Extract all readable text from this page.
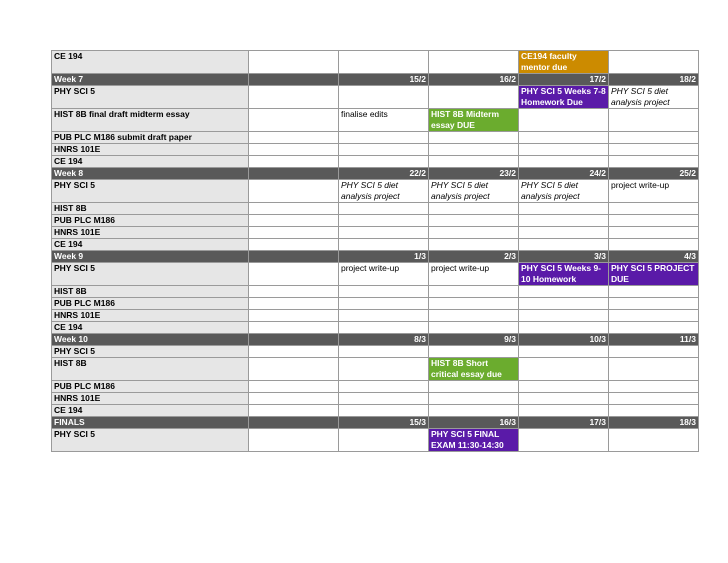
CE 194				CE194 faculty mentor due	
Week 7		15/2	16/2	17/2	18/2
PHY SCI 5				PHY SCI 5 Weeks 7-8 Homework Due	PHY SCI 5 diet analysis project
HIST 8B final draft midterm essay		finalise edits	HIST 8B Midterm essay DUE		
PUB PLC M186 submit draft paper					
HNRS 101E					
CE 194					
Week 8		22/2	23/2	24/2	25/2
PHY SCI 5		PHY SCI 5 diet analysis project	PHY SCI 5 diet analysis project	PHY SCI 5 diet analysis project	project write-up
HIST 8B					
PUB PLC M186					
HNRS 101E					
CE 194					
Week 9		1/3	2/3	3/3	4/3
PHY SCI 5		project write-up	project write-up	PHY SCI 5 Weeks 9-10 Homework	PHY SCI 5 PROJECT DUE
HIST 8B					
PUB PLC M186					
HNRS 101E					
CE 194					
Week 10		8/3	9/3	10/3	11/3
PHY SCI 5					
HIST 8B			HIST 8B Short critical essay due		
PUB PLC M186					
HNRS 101E					
CE 194					
FINALS		15/3	16/3	17/3	18/3
PHY SCI 5			PHY SCI 5 FINAL EXAM 11:30-14:30		
